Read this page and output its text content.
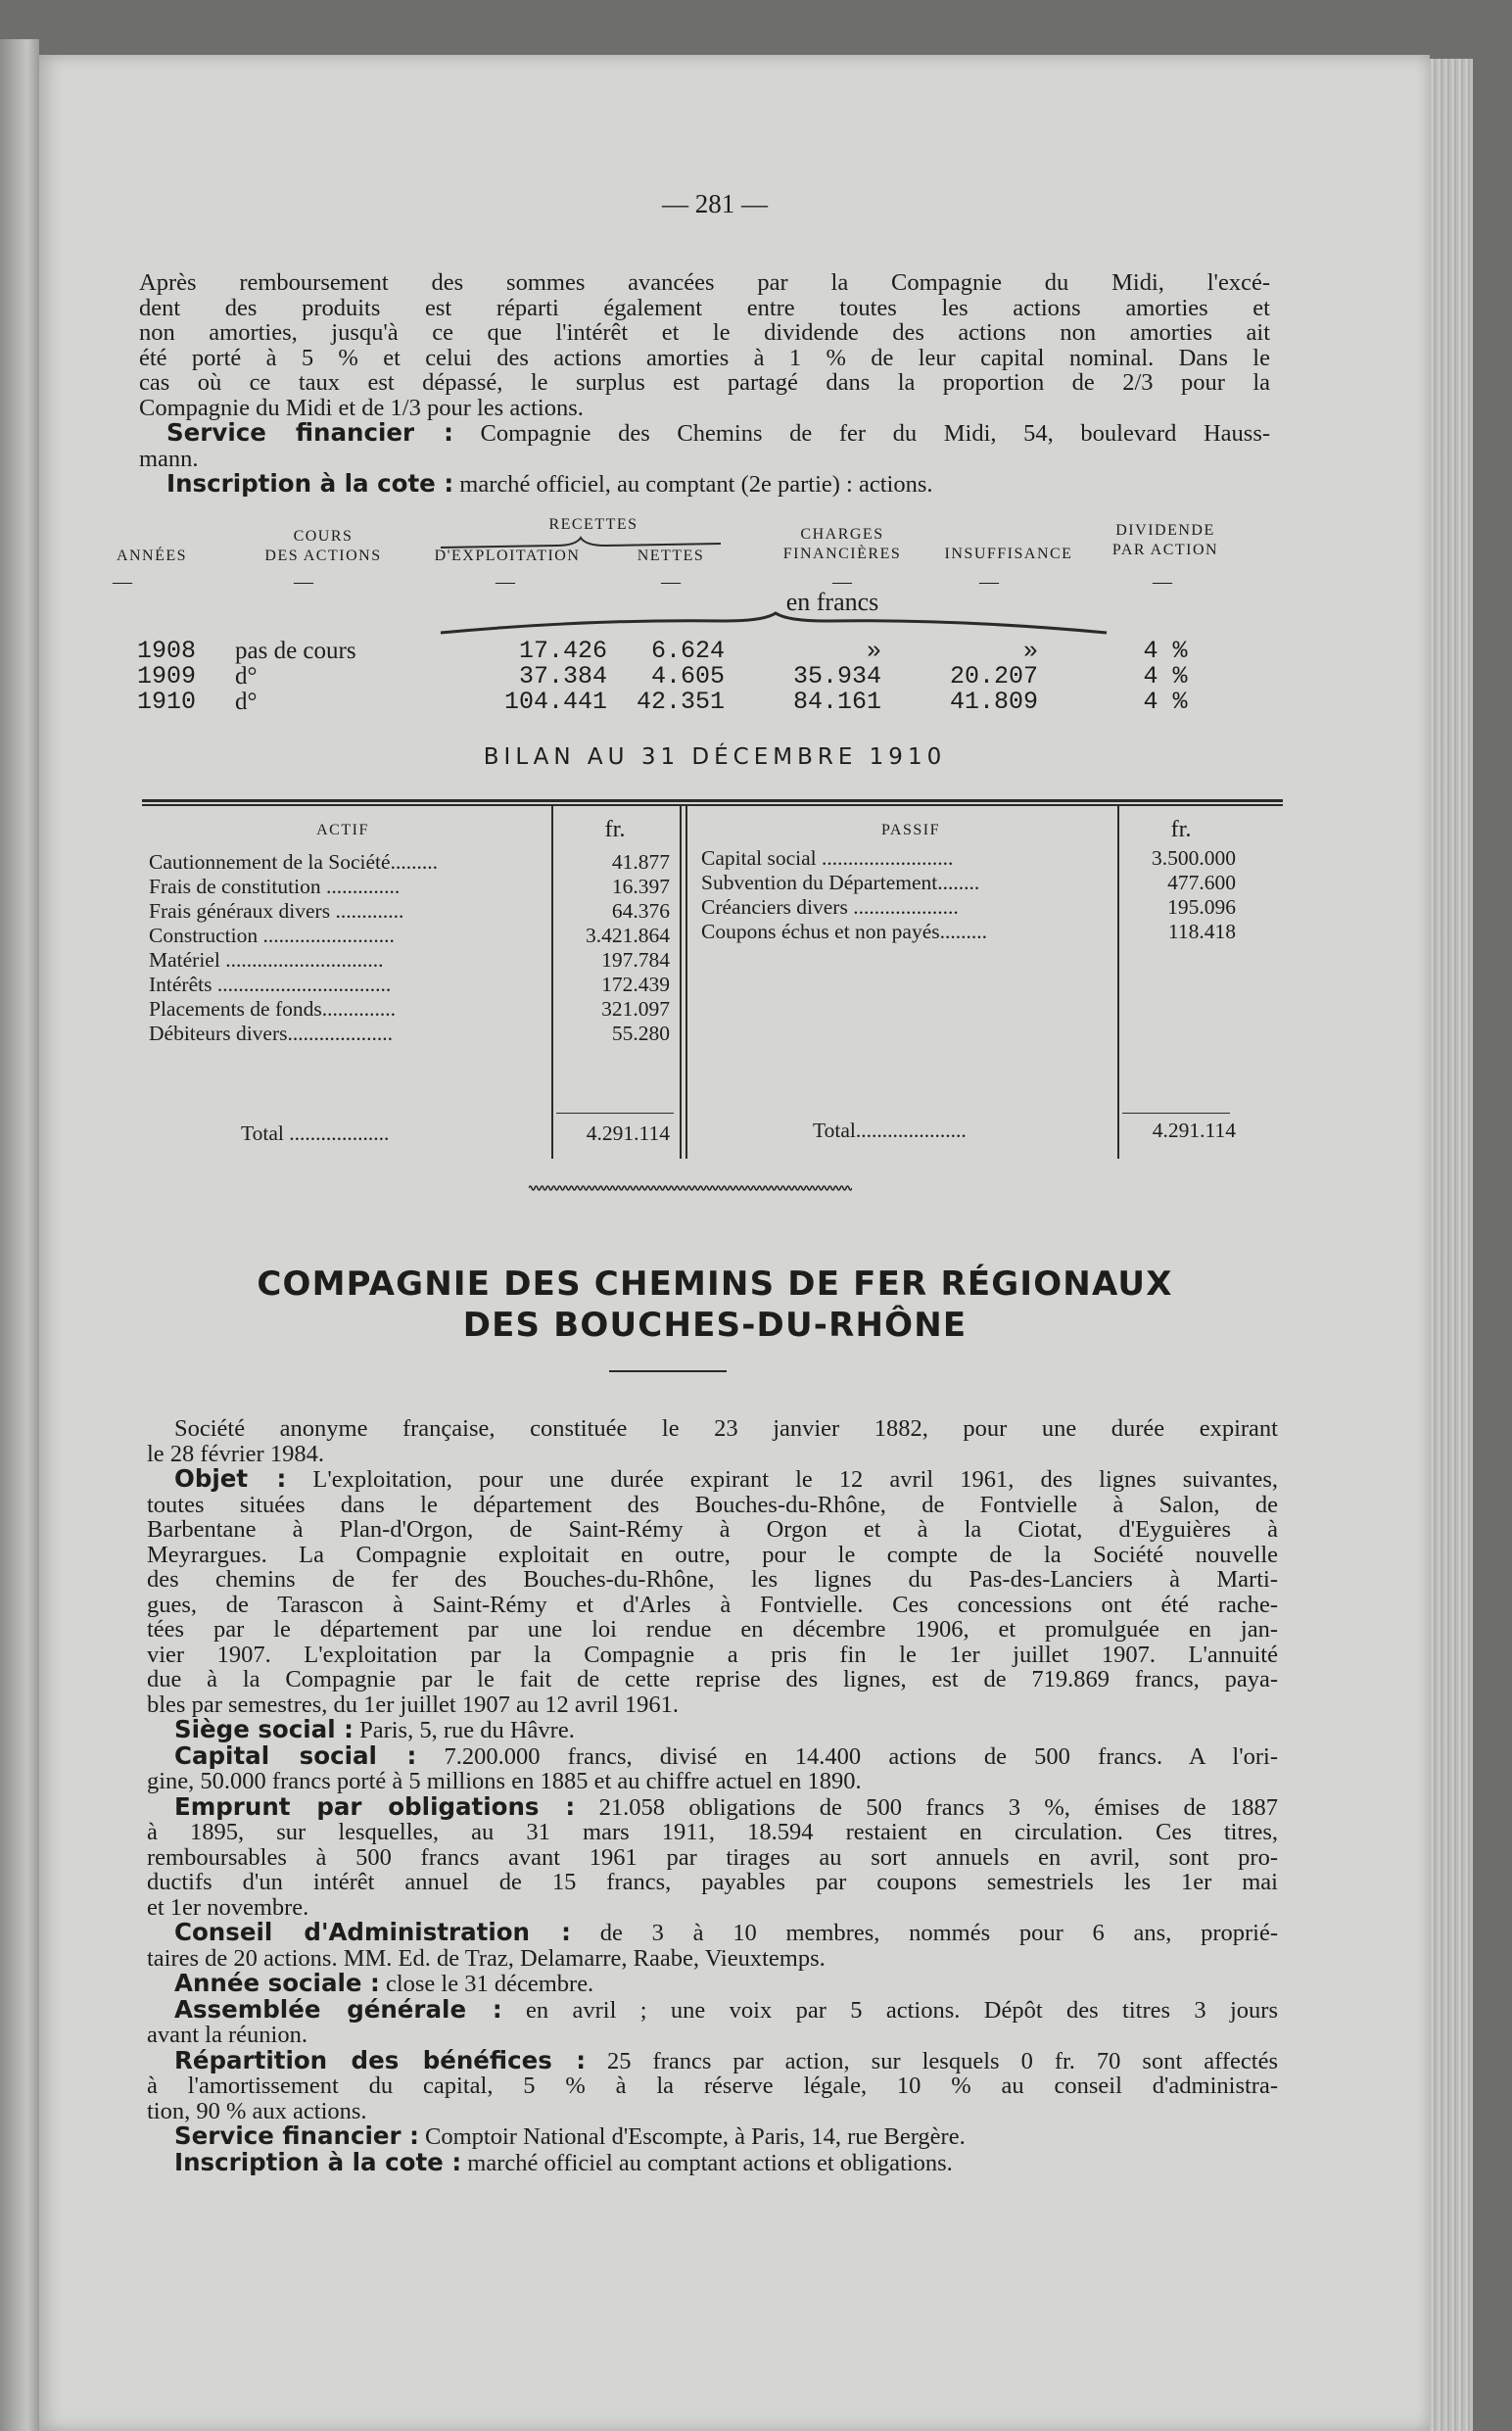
— 281 —
Après remboursement des sommes avancées par la Compagnie du Midi, l'excé-
dent des produits est réparti également entre toutes les actions amorties et
non amorties, jusqu'à ce que l'intérêt et le dividende des actions non amorties ait
été porté à 5 % et celui des actions amorties à 1 % de leur capital nominal. Dans le
cas où ce taux est dépassé, le surplus est partagé dans la proportion de 2/3 pour la
Compagnie du Midi et de 1/3 pour les actions.
Service financier : Compagnie des Chemins de fer du Midi, 54, boulevard Hauss-
mann.
Inscription à la cote : marché officiel, au comptant (2e partie) : actions.
RECETTES
COURS
DES ACTIONS
ANNÉES	D'EXPLOITATION	NETTES
CHARGES
FINANCIÈRES	INSUFFISANCE
DIVIDENDE
PAR ACTION
—	—	—	—	—	—	—
en francs
1908	pas de cours	17.426	6.624	»	»	4 %
1909	d°	37.384	4.605	35.934	20.207	4 %
1910	d°	104.441	42.351	84.161	41.809	4 %
BILAN AU 31 DÉCEMBRE 1910
ACTIF	fr.	PASSIF	fr.
Cautionnement de la Société.........	41.877
Frais de constitution ..............	16.397
Frais généraux divers .............	64.376
Construction .........................	3.421.864
Matériel ..............................	197.784
Intérêts .................................	172.439
Placements de fonds..............	321.097
Débiteurs divers....................	55.280
Capital social .........................	3.500.000
Subvention du Département........	477.600
Créanciers divers ....................	195.096
Coupons échus et non payés.........	118.418
Total ...................	4.291.114	Total.....................	4.291.114
COMPAGNIE DES CHEMINS DE FER RÉGIONAUX
DES BOUCHES-DU-RHÔNE
Société anonyme française, constituée le 23 janvier 1882, pour une durée expirant
le 28 février 1984.
Objet : L'exploitation, pour une durée expirant le 12 avril 1961, des lignes suivantes,
toutes situées dans le département des Bouches-du-Rhône, de Fontvielle à Salon, de
Barbentane à Plan-d'Orgon, de Saint-Rémy à Orgon et à la Ciotat, d'Eyguières à
Meyrargues. La Compagnie exploitait en outre, pour le compte de la Société nouvelle
des chemins de fer des Bouches-du-Rhône, les lignes du Pas-des-Lanciers à Marti-
gues, de Tarascon à Saint-Rémy et d'Arles à Fontvielle. Ces concessions ont été rache-
tées par le département par une loi rendue en décembre 1906, et promulguée en jan-
vier 1907. L'exploitation par la Compagnie a pris fin le 1er juillet 1907. L'annuité
due à la Compagnie par le fait de cette reprise des lignes, est de 719.869 francs, paya-
bles par semestres, du 1er juillet 1907 au 12 avril 1961.
Siège social : Paris, 5, rue du Hâvre.
Capital social : 7.200.000 francs, divisé en 14.400 actions de 500 francs. A l'ori-
gine, 50.000 francs porté à 5 millions en 1885 et au chiffre actuel en 1890.
Emprunt par obligations : 21.058 obligations de 500 francs 3 %, émises de 1887
à 1895, sur lesquelles, au 31 mars 1911, 18.594 restaient en circulation. Ces titres,
remboursables à 500 francs avant 1961 par tirages au sort annuels en avril, sont pro-
ductifs d'un intérêt annuel de 15 francs, payables par coupons semestriels les 1er mai
et 1er novembre.
Conseil d'Administration : de 3 à 10 membres, nommés pour 6 ans, proprié-
taires de 20 actions. MM. Ed. de Traz, Delamarre, Raabe, Vieuxtemps.
Année sociale : close le 31 décembre.
Assemblée générale : en avril ; une voix par 5 actions. Dépôt des titres 3 jours
avant la réunion.
Répartition des bénéfices : 25 francs par action, sur lesquels 0 fr. 70 sont affectés
à l'amortissement du capital, 5 % à la réserve légale, 10 % au conseil d'administra-
tion, 90 % aux actions.
Service financier : Comptoir National d'Escompte, à Paris, 14, rue Bergère.
Inscription à la cote : marché officiel au comptant actions et obligations.
